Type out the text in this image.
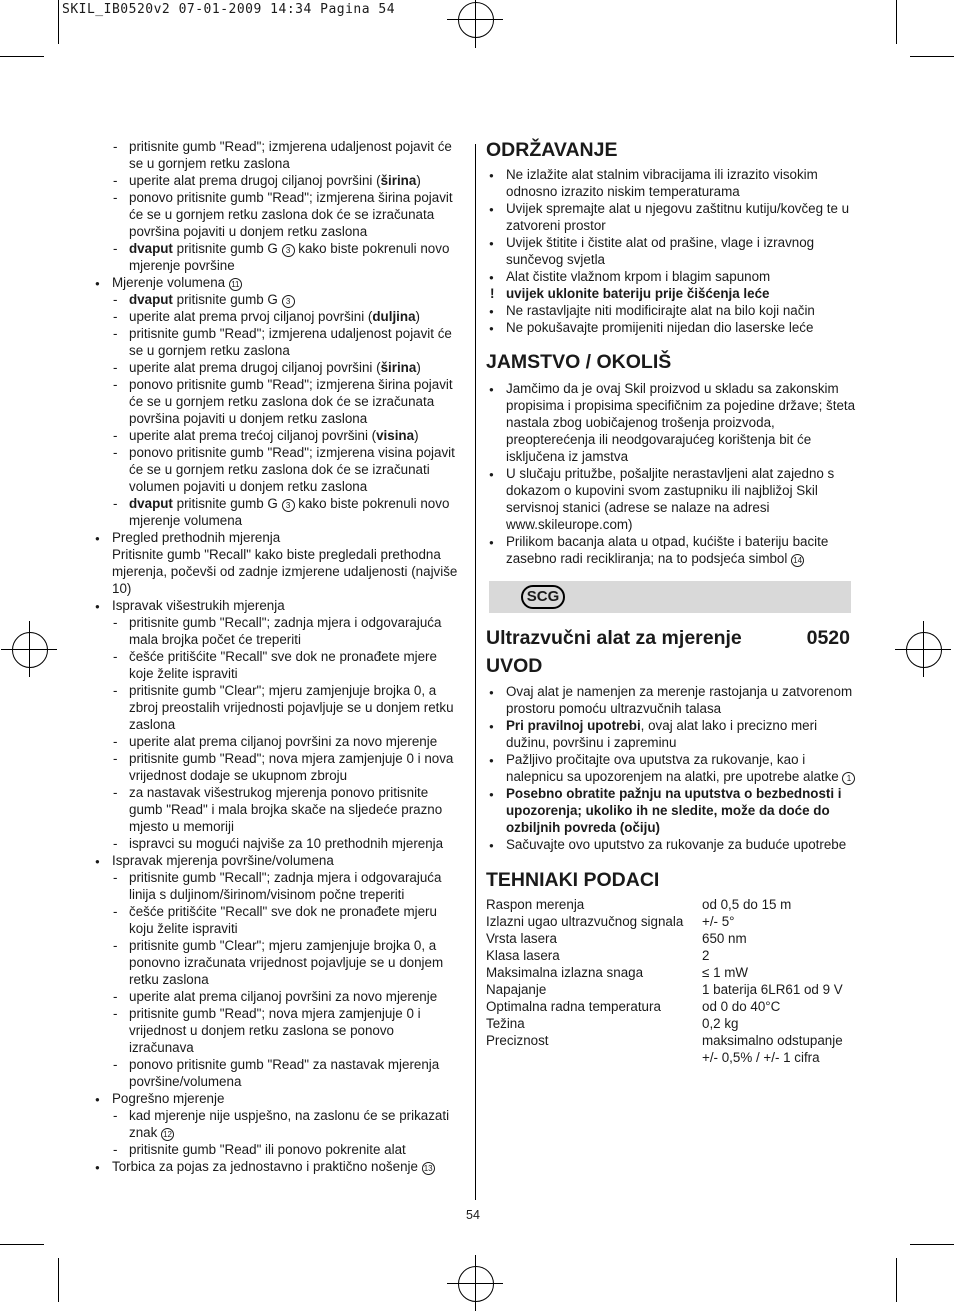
SKIL_IB0520v2 07-01-2009 14:34 Pagina 54
- pritisnite gumb "Read"; izmjerena udaljenost pojavit će se u gornjem retku zaslona
- uperite alat prema drugoj ciljanoj površini (širina)
- ponovo pritisnite gumb "Read"; izmjerena širina pojavit će se u gornjem retku zaslona dok će se izračunata površina pojaviti u donjem retku zaslona
- dvaput pritisnite gumb G 3 kako biste pokrenuli novo mjerenje površine
● Mjerenje volumena 11
- dvaput pritisnite gumb G 3
- uperite alat prema prvoj ciljanoj površini (duljina)
- pritisnite gumb "Read"; izmjerena udaljenost pojavit će se u gornjem retku zaslona
- uperite alat prema drugoj ciljanoj površini (širina)
- ponovo pritisnite gumb "Read"; izmjerena širina pojavit će se u gornjem retku zaslona dok će se izračunata površina pojaviti u donjem retku zaslona
- uperite alat prema trećoj ciljanoj površini (visina)
- ponovo pritisnite gumb "Read"; izmjerena visina pojavit će se u gornjem retku zaslona dok će se izračunati volumen pojaviti u donjem retku zaslona
- dvaput pritisnite gumb G 3 kako biste pokrenuli novo mjerenje volumena
● Pregled prethodnih mjerenja
Pritisnite gumb "Recall" kako biste pregledali prethodna mjerenja, počevši od zadnje izmjerene udaljenosti (najviše 10)
● Ispravak višestrukih mjerenja
- pritisnite gumb "Recall"; zadnja mjera i odgovarajuća mala brojka počet će treperiti
- češće pritišćite "Recall" sve dok ne pronađete mjere koje želite ispraviti
- pritisnite gumb "Clear"; mjeru zamjenjuje brojka 0, a zbroj preostalih vrijednosti pojavljuje se u donjem retku zaslona
- uperite alat prema ciljanoj površini za novo mjerenje
- pritisnite gumb "Read"; nova mjera zamjenjuje 0 i nova vrijednost dodaje se ukupnom zbroju
- za nastavak višestrukog mjerenja ponovo pritisnite gumb "Read" i mala brojka skače na sljedeće prazno mjesto u memoriji
- ispravci su mogući najviše za 10 prethodnih mjerenja
● Ispravak mjerenja površine/volumena
- pritisnite gumb "Recall"; zadnja mjera i odgovarajuća linija s duljinom/širinom/visinom počne treperiti
- češće pritišćite "Recall" sve dok ne pronađete mjeru koju želite ispraviti
- pritisnite gumb "Clear"; mjeru zamjenjuje brojka 0, a ponovno izračunata vrijednost pojavljuje se u donjem retku zaslona
- uperite alat prema ciljanoj površini za novo mjerenje
- pritisnite gumb "Read"; nova mjera zamjenjuje 0 i vrijednost u donjem retku zaslona se ponovo izračunava
- ponovo pritisnite gumb "Read" za nastavak mjerenja površine/volumena
● Pogrešno mjerenje
- kad mjerenje nije uspješno, na zaslonu će se prikazati znak 12
- pritisnite gumb "Read" ili ponovo pokrenite alat
● Torbica za pojas za jednostavno i praktično nošenje 13
ODRŽAVANJE
● Ne izlažite alat stalnim vibracijama ili izrazito visokim odnosno izrazito niskim temperaturama
● Uvijek spremajte alat u njegovu zaštitnu kutiju/kovčeg te u zatvoreni prostor
● Uvijek štitite i čistite alat od prašine, vlage i izravnog sunčevog svjetla
● Alat čistite vlažnom krpom i blagim sapunom
! uvijek uklonite bateriju prije čišćenja leće
● Ne rastavljajte niti modificirajte alat na bilo koji način
● Ne pokušavajte promijeniti nijedan dio laserske leće
JAMSTVO / OKOLIŠ
● Jamčimo da je ovaj Skil proizvod u skladu sa zakonskim propisima i propisima specifičnim za pojedine države; šteta nastala zbog uobičajenog trošenja proizvoda, preopterećenja ili neodgovarajućeg korištenja bit će isključena iz jamstva
● U slučaju pritužbe, pošaljite nerastavljeni alat zajedno s dokazom o kupovini svom zastupniku ili najbližoj Skil servisnoj stanici (adrese se nalaze na adresi www.skileurope.com)
● Prilikom bacanja alata u otpad, kućište i bateriju bacite zasebno radi recikliranja; na to podsjeća simbol 14
SCG
Ultrazvučni alat za mjerenje	0520
UVOD
● Ovaj alat je namenjen za merenje rastojanja u zatvorenom prostoru pomoću ultrazvučnih talasa
● Pri pravilnoj upotrebi, ovaj alat lako i precizno meri dužinu, površinu i zapreminu
● Pažljivo pročitajte ova uputstva za rukovanje, kao i nalepnicu sa upozorenjem na alatki, pre upotrebe alatke 1
● Posebno obratite pažnju na uputstva o bezbednosti i upozorenja; ukoliko ih ne sledite, može da doće do ozbiljnih povreda (očiju)
● Sačuvajte ovo uputstvo za rukovanje za buduće upotrebe
TEHNIAKI PODACI
Raspon merenja	od 0,5 do 15 m
Izlazni ugao ultrazvučnog signala	+/- 5°
Vrsta lasera	650 nm
Klasa lasera	2
Maksimalna izlazna snaga	≤ 1 mW
Napajanje	1 baterija 6LR61 od 9 V
Optimalna radna temperatura	od 0 do 40°C
Težina	0,2 kg
Preciznost	maksimalno odstupanje +/- 0,5% / +/- 1 cifra
54
